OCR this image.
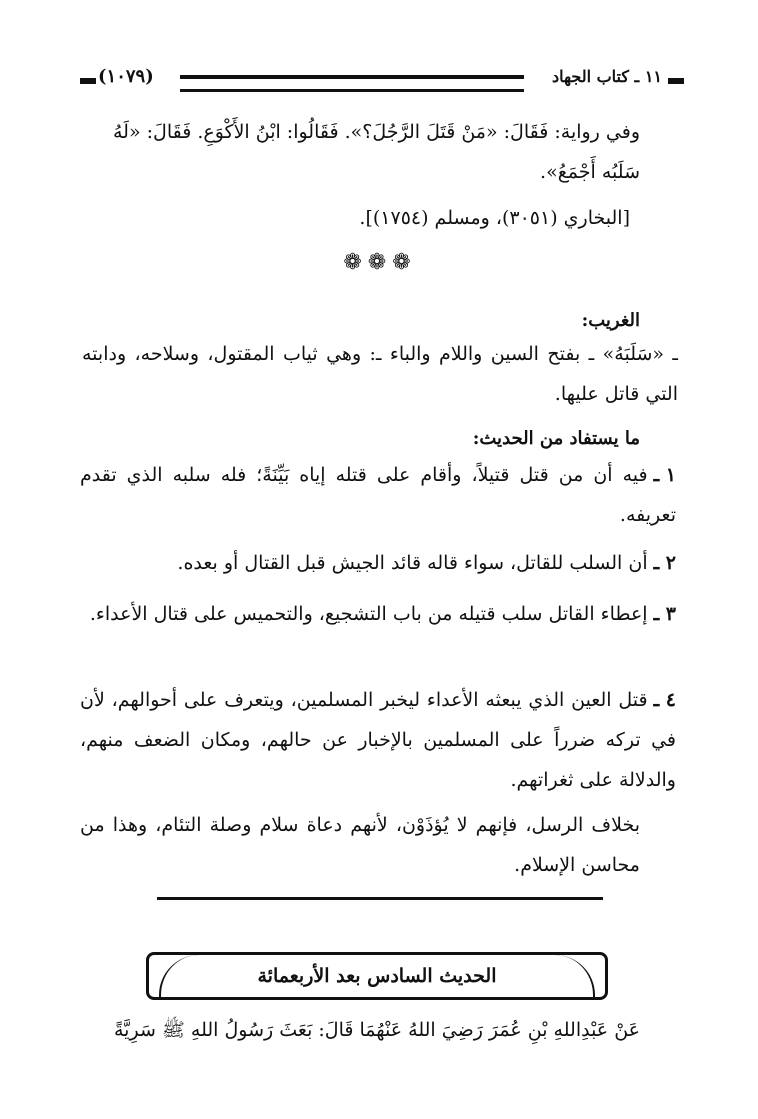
(١٠٧٩)	١١ ـ كتاب الجهاد
وفي رواية: فَقَالَ: «مَنْ قَتَلَ الرَّجُلَ؟». فَقَالُوا: ابْنُ الأَكْوَعِ. فَقَالَ: «لَهُ
سَلَبُه أَجْمَعُ».
[البخاري (٣٠٥١)، ومسلم (١٧٥٤)].
❁❁❁
الغريب:
ـ «سَلَبَهُ» ـ بفتح السين واللام والباء ـ: وهي ثياب المقتول، وسلاحه، ودابته التي قاتل عليها.
ما يستفاد من الحديث:
١ ـفيه أن من قتل قتيلاً، وأقام على قتله إياه بَيِّنَةً؛ فله سلبه الذي تقدم تعريفه.
٢ ـأن السلب للقاتل، سواء قاله قائد الجيش قبل القتال أو بعده.
٣ ـإعطاء القاتل سلب قتيله من باب التشجيع، والتحميس على قتال الأعداء.
٤ ـقتل العين الذي يبعثه الأعداء ليخبر المسلمين، ويتعرف على أحوالهم، لأن في تركه ضرراً على المسلمين بالإخبار عن حالهم، ومكان الضعف منهم، والدلالة على ثغراتهم.
بخلاف الرسل، فإنهم لا يُؤذَوْن، لأنهم دعاة سلام وصلة التئام، وهذا من محاسن الإسلام.
الحديث السادس بعد الأربعمائة
عَنْ عَبْدِاللهِ بْنِ عُمَرَ رَضِيَ اللهُ عَنْهُمَا قَالَ: بَعَثَ رَسُولُ اللهِ ﷺ سَرِيَّةً
